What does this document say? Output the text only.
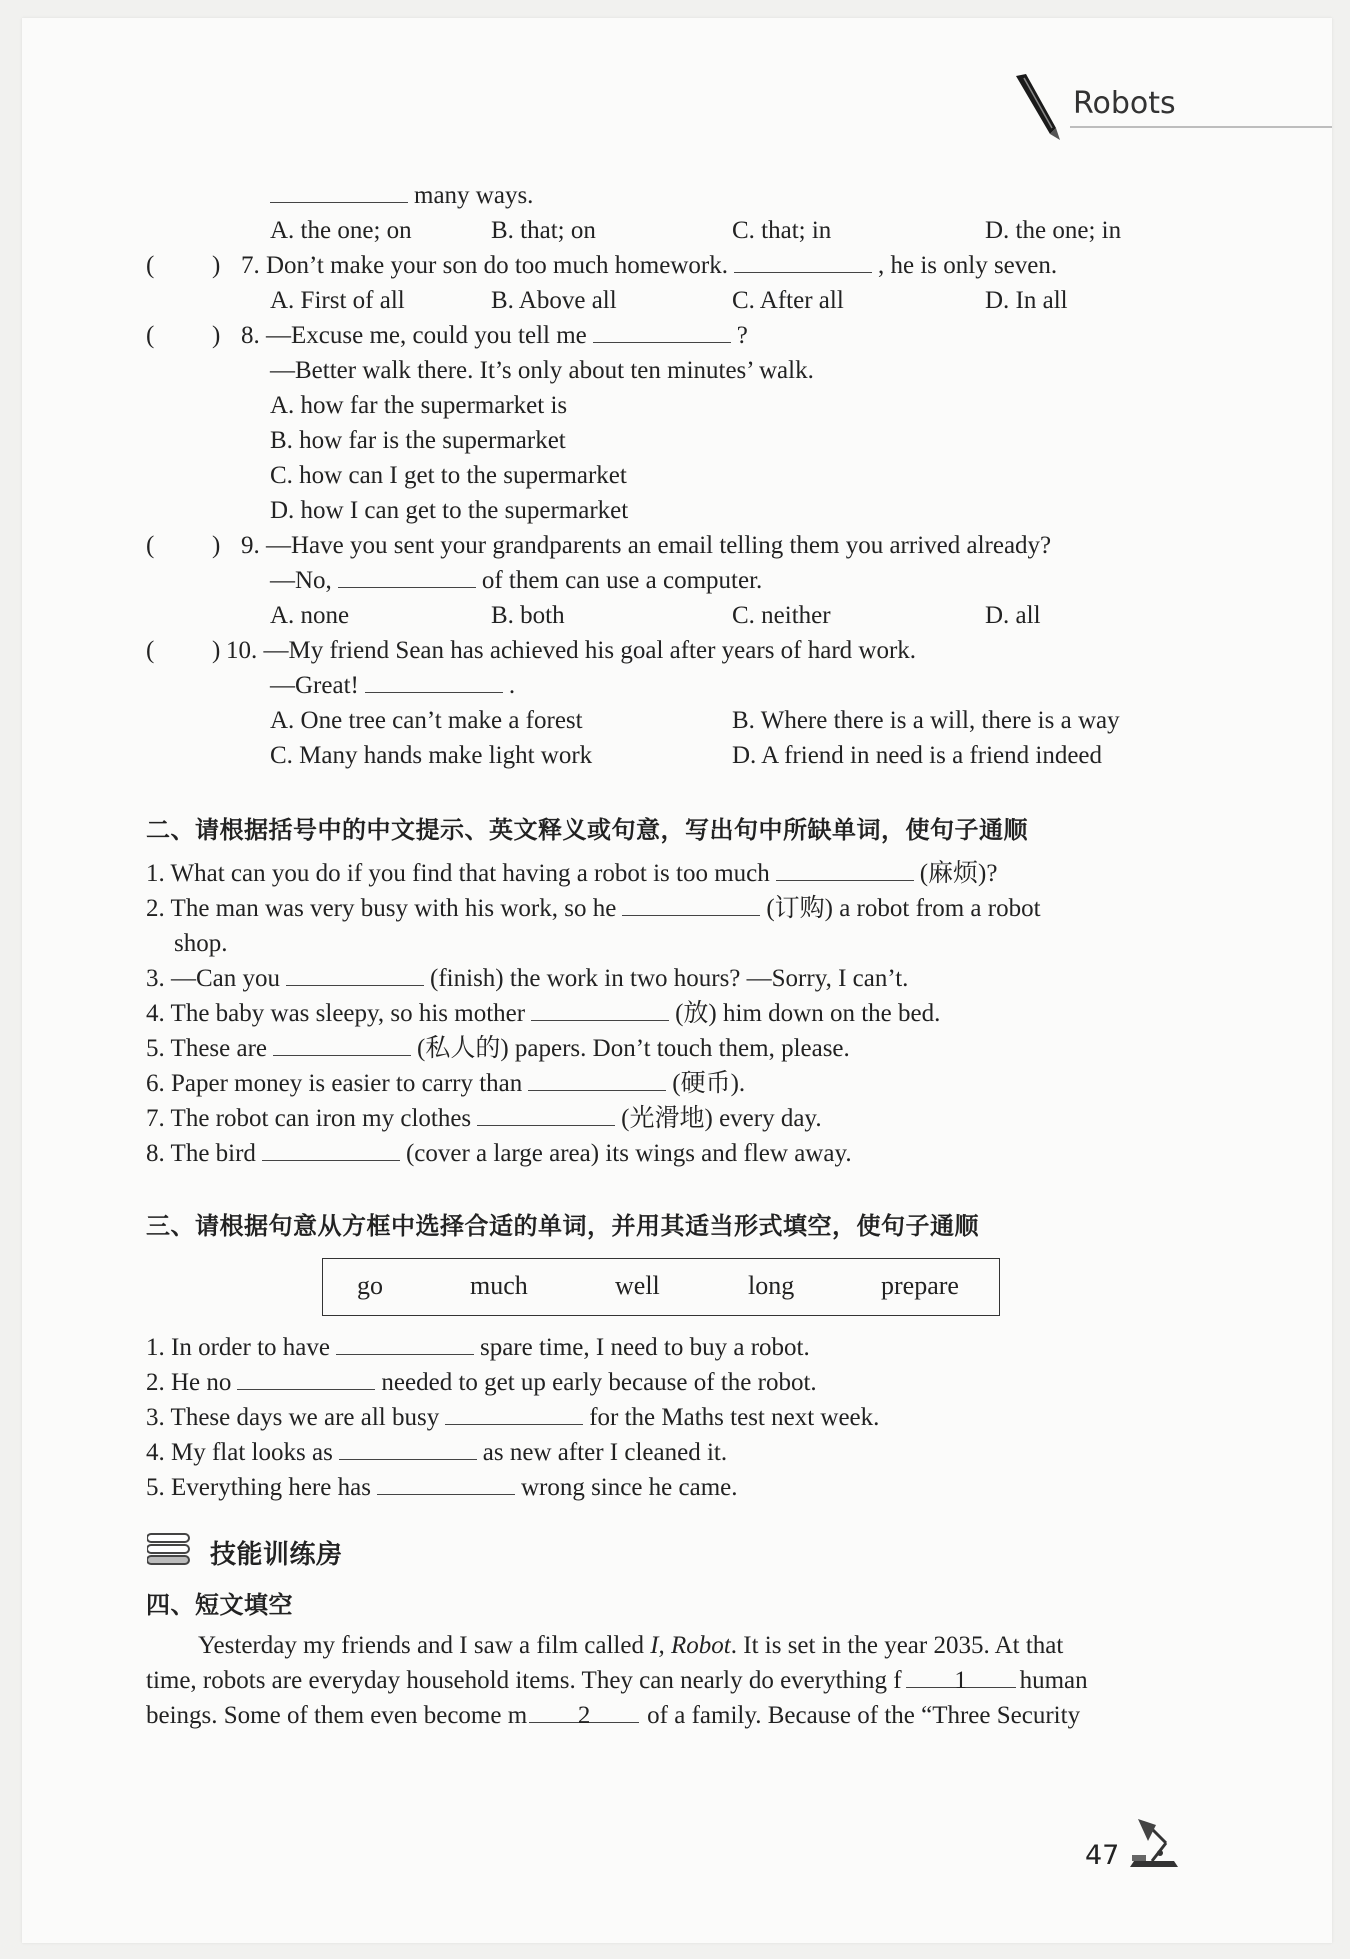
Robots
many ways.
A. the one; on	B. that; on	C. that; in	D. the one; in
( ) 7. Don’t make your son do too much homework.	, he is only seven.
A. First of all	B. Above all	C. After all	D. In all
( ) 8. —Excuse me, could you tell me	?
—Better walk there. It’s only about ten minutes’ walk.
A. how far the supermarket is
B. how far is the supermarket
C. how can I get to the supermarket
D. how I can get to the supermarket
( ) 9. —Have you sent your grandparents an email telling them you arrived already?
—No,	of them can use a computer.
A. none	B. both	C. neither	D. all
( ) 10. —My friend Sean has achieved his goal after years of hard work.
—Great!	.
A. One tree can’t make a forest	B. Where there is a will, there is a way
C. Many hands make light work	D. A friend in need is a friend indeed
二、请根据括号中的中文提示、英文释义或句意，写出句中所缺单词，使句子通顺
1. What can you do if you find that having a robot is too much	(麻烦)?
2. The man was very busy with his work, so he	(订购) a robot from a robot
shop.
3. —Can you	(finish) the work in two hours? —Sorry, I can’t.
4. The baby was sleepy, so his mother	(放) him down on the bed.
5. These are	(私人的) papers. Don’t touch them, please.
6. Paper money is easier to carry than	(硬币).
7. The robot can iron my clothes	(光滑地) every day.
8. The bird	(cover a large area) its wings and flew away.
三、请根据句意从方框中选择合适的单词，并用其适当形式填空，使句子通顺
go	much	well	long	prepare
1. In order to have	spare time, I need to buy a robot.
2. He no	needed to get up early because of the robot.
3. These days we are all busy	for the Maths test next week.
4. My flat looks as	as new after I cleaned it.
5. Everything here has	wrong since he came.
技能训练房
四、短文填空
Yesterday my friends and I saw a film called I, Robot. It is set in the year 2035. At that
time, robots are everyday household items. They can nearly do everything f 1 human
beings. Some of them even become m 2 of a family. Because of the “Three Security
47
